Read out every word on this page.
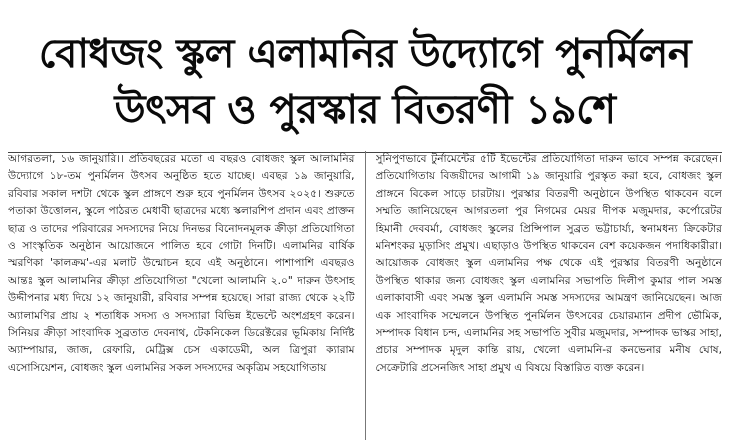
বোধজং স্কুল এলামনির উদ্যোগে পুনর্মিলন
উৎসব ও পুরস্কার বিতরণী ১৯শে

আগরতলা, ১৬ জানুয়ারি।। প্রতিবছরের মতো এ বছরও বোধজং স্কুল আলামনির উদ্যোগে ১৮-তম পুনর্মিলন উৎসব অনুষ্ঠিত হতে যাচ্ছে। এবছর ১৯ জানুয়ারি, রবিবার সকাল দশটা থেকে স্কুল প্রাঙ্গণে শুরু হবে পুনর্মিলন উৎসব ২০২৫। শুরুতে পতাকা উত্তোলন, স্কুলে পাঠরত মেধাবী ছাত্রদের মধ্যে স্কলারশিপ প্রদান এবং প্রাক্তন ছাত্র ও তাদের পরিবারের সদস্যদের নিয়ে দিনভর বিনোদনমূলক ক্রীড়া প্রতিযোগিতা ও সাংস্কৃতিক অনুষ্ঠান আয়োজনে পালিত হবে গোটা দিনটি। এলামনির বার্ষিক স্মরণিকা 'কালক্রম'-এর মলাট উন্মোচন হবে এই অনুষ্ঠানে। পাশাপাশি এবছরও আন্তঃ স্কুল আলামনির ক্রীড়া প্রতিযোগিতা "খেলো আলামনি ২.০" দারুন উৎসাহ উদ্দীপনার মধ্য দিয়ে ১২ জানুয়ারী, রবিবার সম্পন্ন হয়েছে। সারা রাজ্য থেকে ২২টি অ্যালামণির প্রায় ২ শতাধিক সদস্য ও সদস্যারা বিভিন্ন ইভেন্টে অংশগ্রহণ করেন। সিনিয়র ক্রীড়া সাংবাদিক সুব্রতাত দেবনাথ, টেকনিকেল ডিরেক্টরের ভূমিকায় নির্দিষ্ট অ্যাম্পায়ার, জাজ, রেফারি, মেট্রিক্স চেস একাডেমী, অল ত্রিপুরা ক্যারাম এসোসিয়েশন, বোধজং স্কুল এলামনির সকল সদস্যদের অকৃত্রিম সহযোগিতায়

সুনিপুণভাবে টুর্নামেন্টের ৫টি ইভেন্টের প্রতিযোগিতা দারুন ভাবে সম্পন্ন করেছেন। প্রতিযোগিতায় বিজয়ীদের আগামী ১৯ জানুয়ারি পুরস্কৃত করা হবে, বোধজং স্কুল প্রাঙ্গনে বিকেল সাড়ে চারটায়। পুরস্কার বিতরণী অনুষ্ঠানে উপস্থিত থাকবেন বলে সম্মতি জানিয়েছেন আগরতলা পুর নিগমের মেয়র দীপক মজুমদার, কর্পোরেটর হিমানী দেববর্মা, বোধজং স্কুলের প্রিন্সিপাল সুব্রত ভট্টাচার্য্য, স্বনামধন্য ক্রিকেটার মনিশংকর মুড়াসিং প্রমুখ। এছাড়াও উপস্থিত থাকবেন বেশ কয়েকজন পদাধিকারীরা। আয়োজক বোধজং স্কুল এলামনির পক্ষ থেকে এই পুরস্কার বিতরণী অনুষ্ঠানে উপস্থিত থাকার জন্য বোধজং স্কুল এলামনির সভাপতি দিলীপ কুমার পাল সমস্ত এলাকাবাসী এবং সমস্ত স্কুল এলামনি সমস্ত সদস্যদের আমন্ত্রণ জানিয়েছেন। আজ এক সাংবাদিক সম্মেলনে উপস্থিত পুনর্মিলন উৎসবের চেয়ারম্যান প্রদীপ ভৌমিক, সম্পাদক বিধান চন্দ, এলামনির সহ সভাপতি সুবীর মজুমদার, সম্পাদক ভাস্কর সাহা, প্রচার সম্পাদক মৃদুল কান্তি রায়, খেলো এলামনি-র কনভেনার মনীষ ঘোষ, সেক্রেটারি প্রসেনজিৎ সাহা প্রমুখ এ বিষয়ে বিস্তারিত ব্যক্ত করেন।
